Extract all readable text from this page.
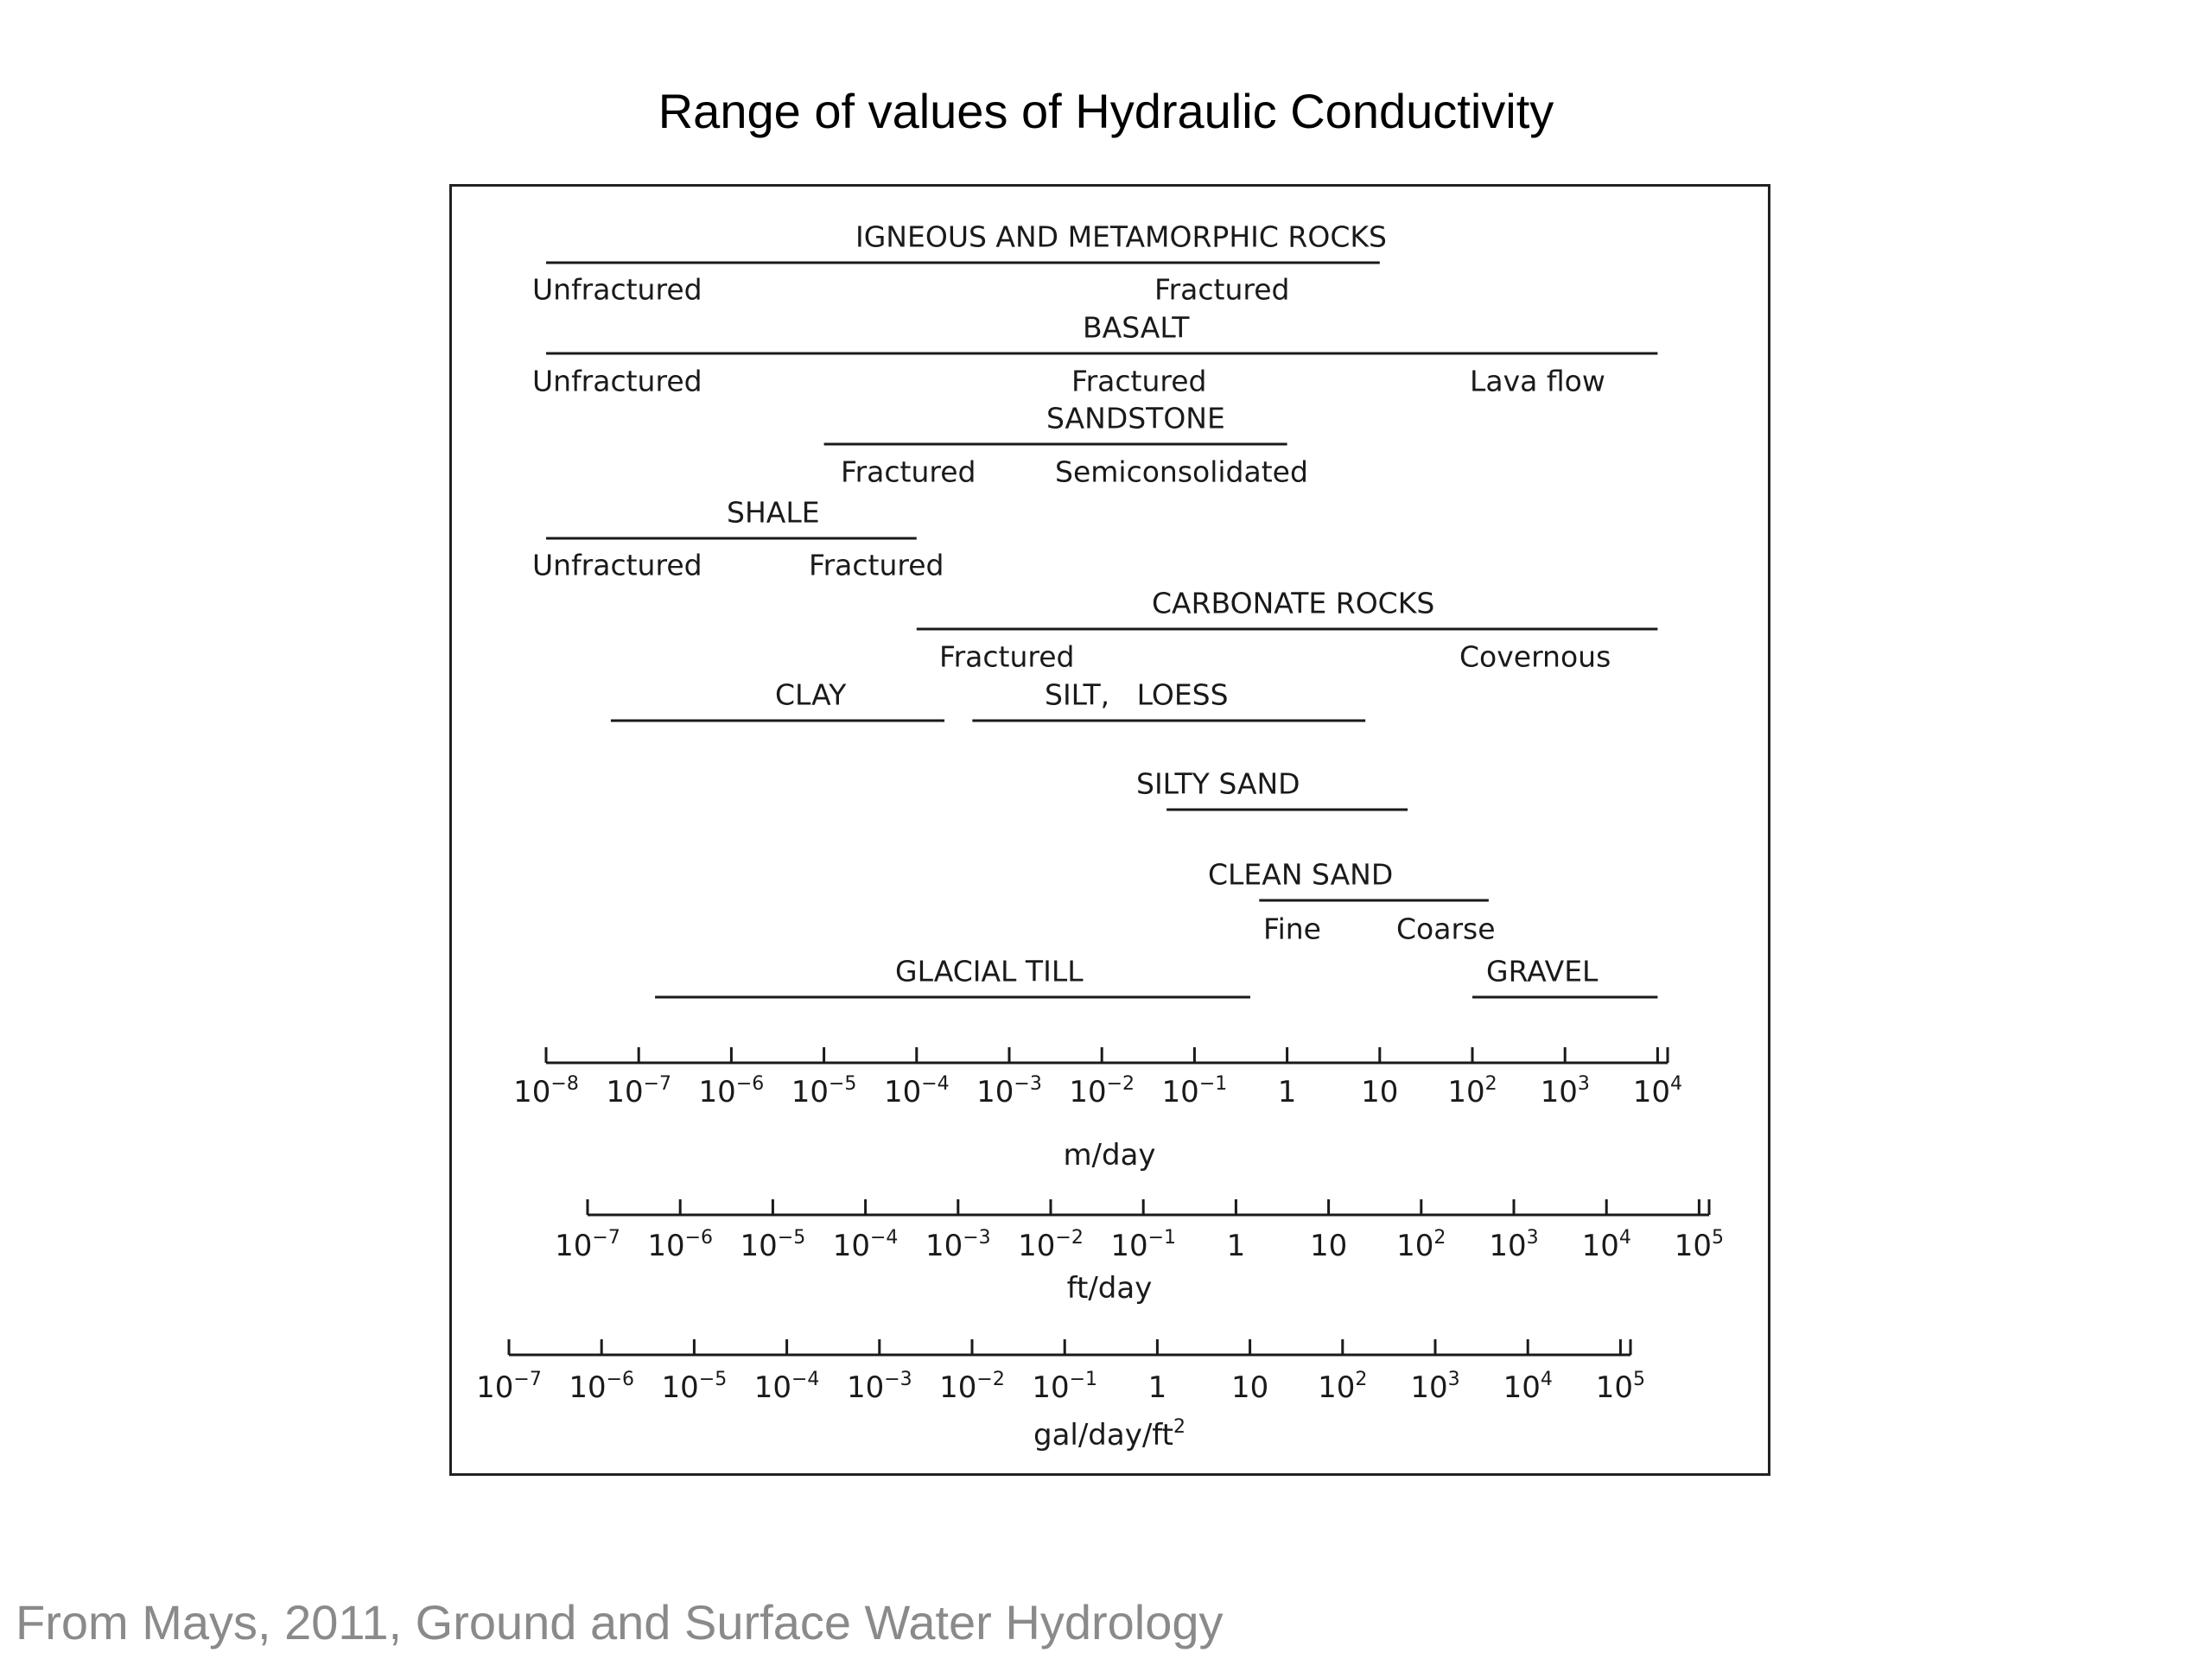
Range of values of Hydraulic Conductivity
IGNEOUS AND METAMORPHIC ROCKS
Unfractured	Fractured
BASALT
Unfractured	Fractured	Lava flow
SANDSTONE
Fractured	Semiconsolidated
SHALE
Unfractured	Fractured
CARBONATE ROCKS
Fractured	Covernous
CLAY	SILT,   LOESS
SILTY SAND
CLEAN SAND
Fine	Coarse
GLACIAL TILL	GRAVEL
$10^{-8}$ $10^{-7}$ $10^{-6}$ $10^{-5}$ $10^{-4}$ $10^{-3}$ $10^{-2}$ $10^{-1}$ 1 10 $10^2$ $10^3$ $10^4$
m/day
$10^{-7}$ $10^{-6}$ $10^{-5}$ $10^{-4}$ $10^{-3}$ $10^{-2}$ $10^{-1}$ 1 10 $10^2$ $10^3$ $10^4$ $10^5$
ft/day
$10^{-7}$ $10^{-6}$ $10^{-5}$ $10^{-4}$ $10^{-3}$ $10^{-2}$ $10^{-1}$ 1 10 $10^2$ $10^3$ $10^4$ $10^5$
gal/$day/ft^2$
From Mays, 2011, Ground and Surface Water Hydrology
